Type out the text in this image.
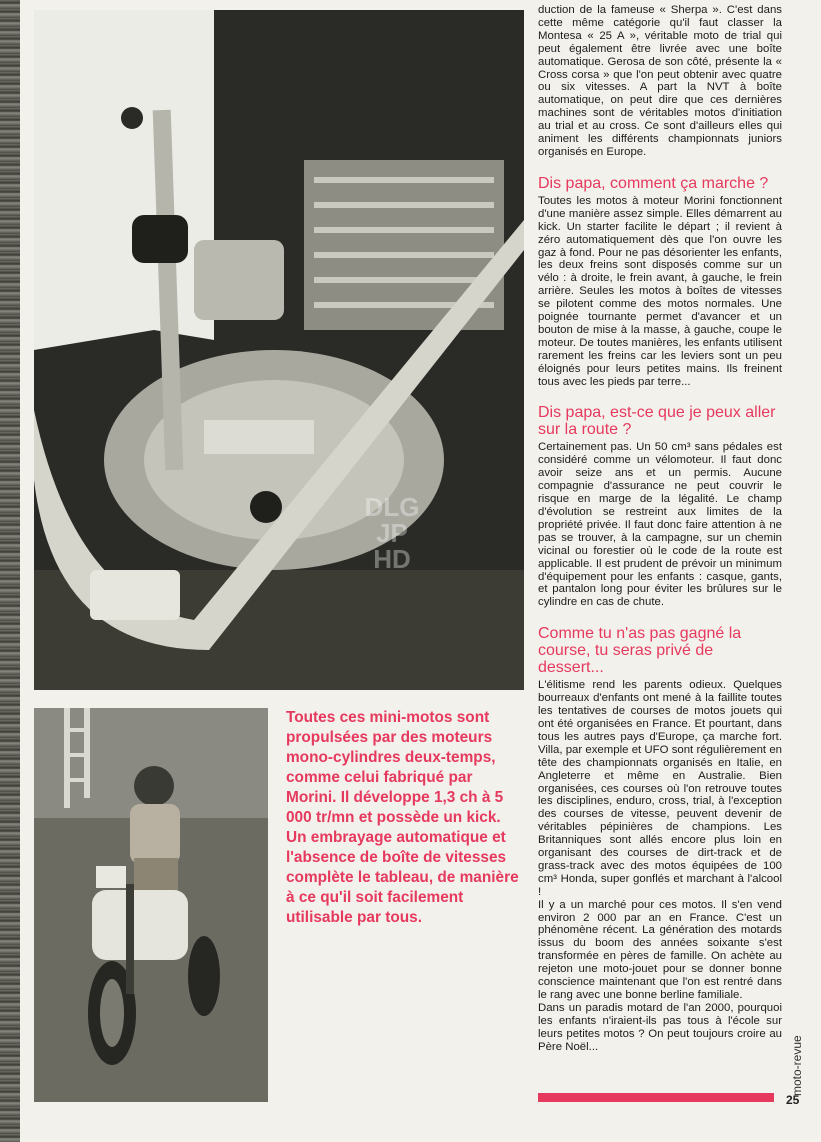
DLG JP HD

Toutes ces mini-motos sont propulsées par des moteurs mono-cylindres deux-temps, comme celui fabriqué par Morini. Il développe 1,3 ch à 5 000 tr/mn et possède un kick. Un embrayage automatique et l'absence de boîte de vitesses complète le tableau, de manière à ce qu'il soit facilement utilisable par tous.

duction de la fameuse « Sherpa ». C'est dans cette même catégorie qu'il faut classer la Montesa « 25 A », véritable moto de trial qui peut également être livrée avec une boîte automatique. Gerosa de son côté, présente la « Cross corsa » que l'on peut obtenir avec quatre ou six vitesses. A part la NVT à boîte automatique, on peut dire que ces dernières machines sont de véritables motos d'initiation au trial et au cross. Ce sont d'ailleurs elles qui animent les différents championnats juniors organisés en Europe.

Dis papa, comment ça marche ?

Toutes les motos à moteur Morini fonctionnent d'une manière assez simple. Elles démarrent au kick. Un starter facilite le départ ; il revient à zéro automatiquement dès que l'on ouvre les gaz à fond. Pour ne pas désorienter les enfants, les deux freins sont disposés comme sur un vélo : à droite, le frein avant, à gauche, le frein arrière. Seules les motos à boîtes de vitesses se pilotent comme des motos normales. Une poignée tournante permet d'avancer et un bouton de mise à la masse, à gauche, coupe le moteur. De toutes manières, les enfants utilisent rarement les freins car les leviers sont un peu éloignés pour leurs petites mains. Ils freinent tous avec les pieds par terre...

Dis papa, est-ce que je peux aller sur la route ?

Certainement pas. Un 50 cm³ sans pédales est considéré comme un vélomoteur. Il faut donc avoir seize ans et un permis. Aucune compagnie d'assurance ne peut couvrir le risque en marge de la légalité. Le champ d'évolution se restreint aux limites de la propriété privée. Il faut donc faire attention à ne pas se trouver, à la campagne, sur un chemin vicinal ou forestier où le code de la route est applicable. Il est prudent de prévoir un minimum d'équipement pour les enfants : casque, gants, et pantalon long pour éviter les brûlures sur le cylindre en cas de chute.

Comme tu n'as pas gagné la course, tu seras privé de dessert...

L'élitisme rend les parents odieux. Quelques bourreaux d'enfants ont mené à la faillite toutes les tentatives de courses de motos jouets qui ont été organisées en France. Et pourtant, dans tous les autres pays d'Europe, ça marche fort. Villa, par exemple et UFO sont régulièrement en tête des championnats organisés en Italie, en Angleterre et même en Australie. Bien organisées, ces courses où l'on retrouve toutes les disciplines, enduro, cross, trial, à l'exception des courses de vitesse, peuvent devenir de véritables pépinières de champions. Les Britanniques sont allés encore plus loin en organisant des courses de dirt-track et de grass-track avec des motos équipées de 100 cm³ Honda, super gonflés et marchant à l'alcool !

Il y a un marché pour ces motos. Il s'en vend environ 2 000 par an en France. C'est un phénomène récent. La génération des motards issus du boom des années soixante s'est transformée en pères de famille. On achète au rejeton une moto-jouet pour se donner bonne conscience maintenant que l'on est rentré dans le rang avec une bonne berline familiale.

Dans un paradis motard de l'an 2000, pourquoi les enfants n'iraient-ils pas tous à l'école sur leurs petites motos ? On peut toujours croire au Père Noël...	moto-revue
25
